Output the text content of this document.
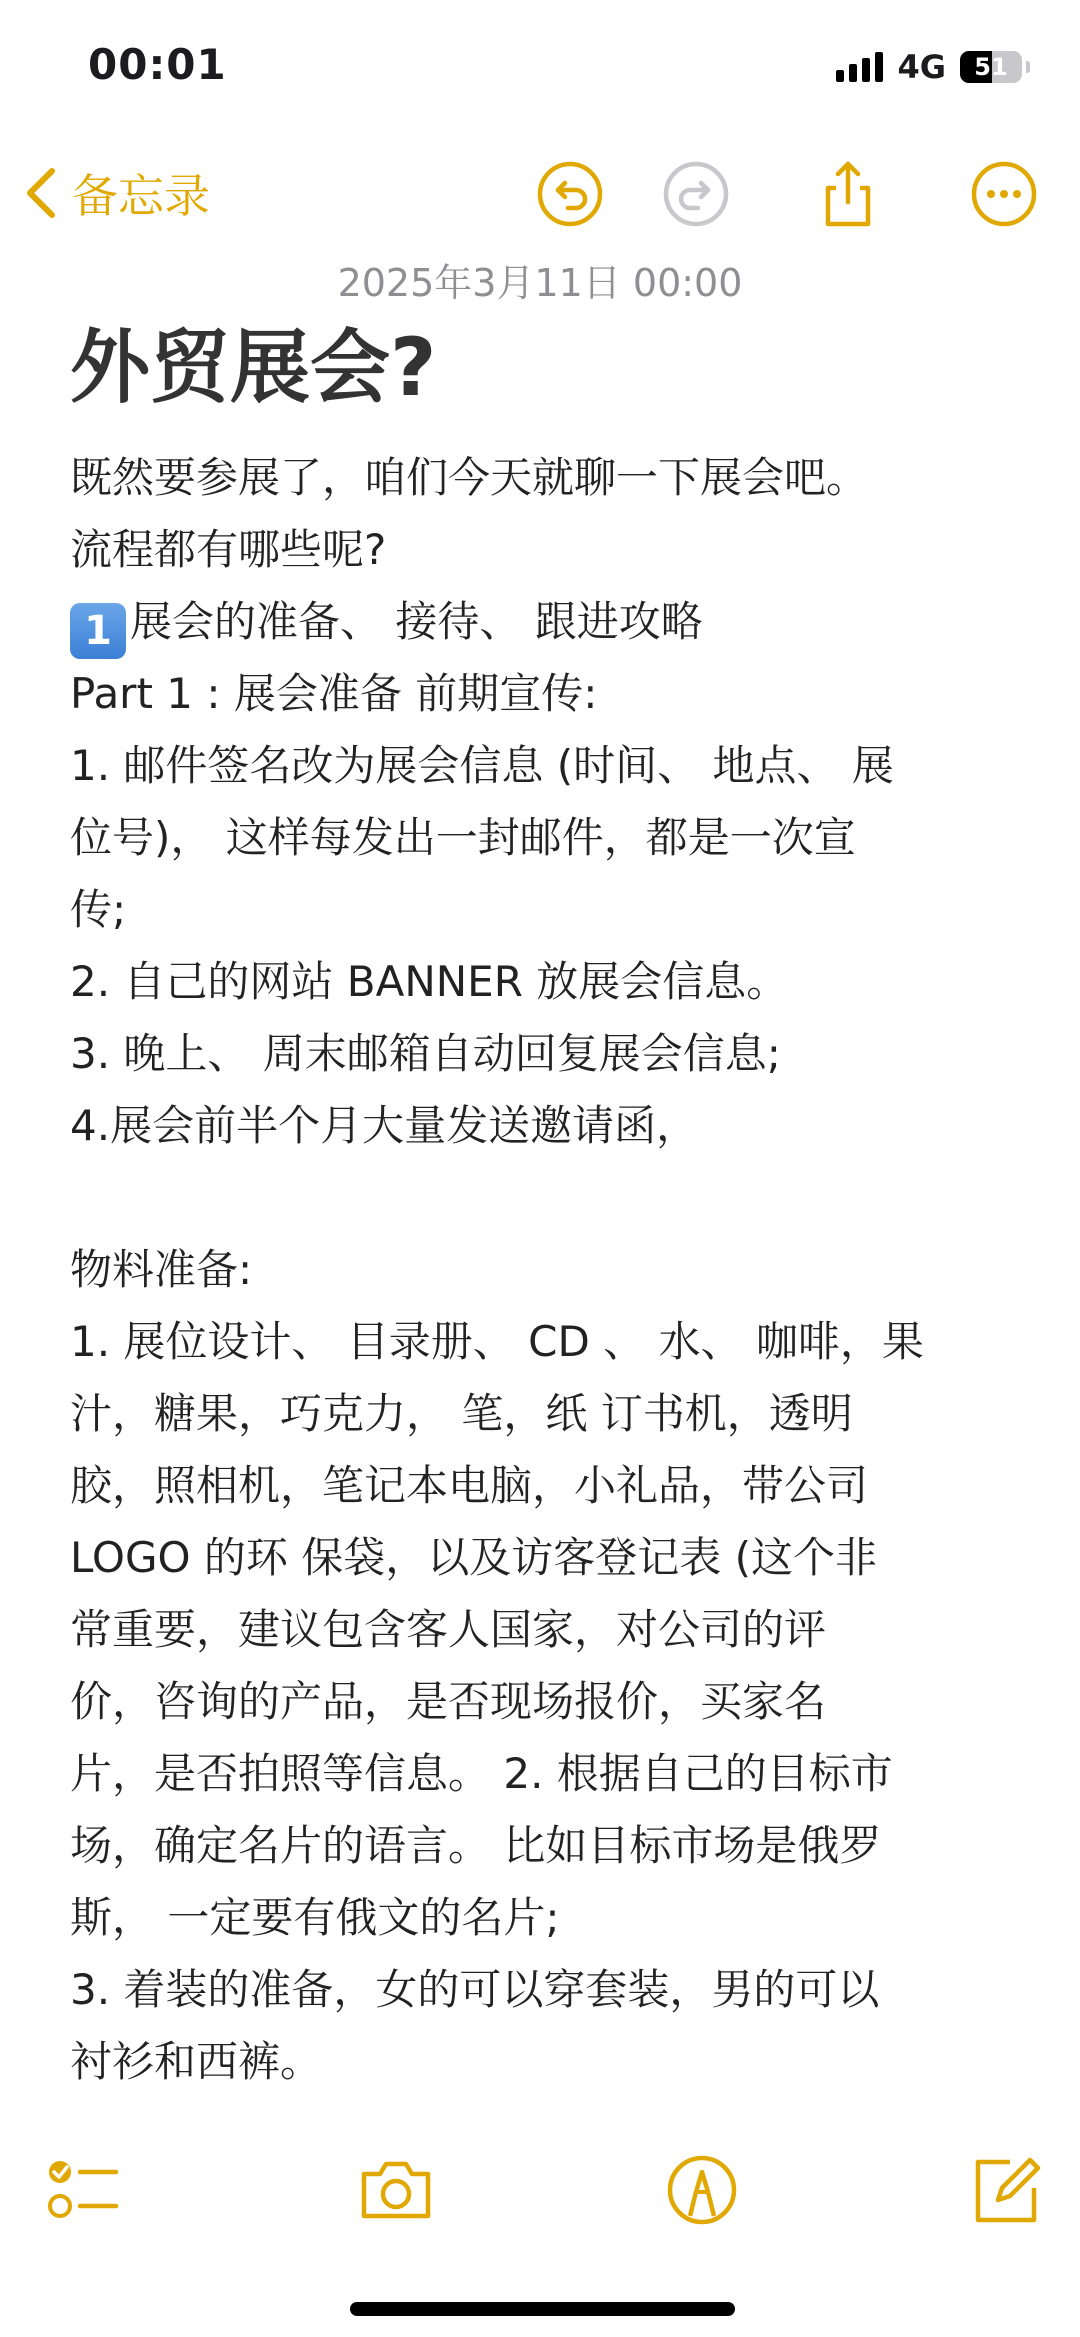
00:01	4G	51
备忘录
2025年3月11日 00:00
外贸展会?
既然要参展了，咱们今天就聊一下展会吧。
流程都有哪些呢?
1 展会的准备、 接待、 跟进攻略
Part 1 : 展会准备 前期宣传:
1. 邮件签名改为展会信息 (时间、 地点、 展
位号)， 这样每发出一封邮件，都是一次宣
传;
2. 自己的网站 BANNER 放展会信息。
3. 晚上、 周末邮箱自动回复展会信息;
4.展会前半个月大量发送邀请函，
物料准备:
1. 展位设计、 目录册、 CD 、 水、 咖啡，果
汁，糖果，巧克力， 笔，纸 订书机，透明
胶，照相机，笔记本电脑，小礼品，带公司
LOGO 的环 保袋，以及访客登记表 (这个非
常重要，建议包含客人国家，对公司的评
价，咨询的产品，是否现场报价，买家名
片，是否拍照等信息。 2. 根据自己的目标市
场，确定名片的语言。 比如目标市场是俄罗
斯， 一定要有俄文的名片;
3. 着装的准备，女的可以穿套装，男的可以
衬衫和西裤。
